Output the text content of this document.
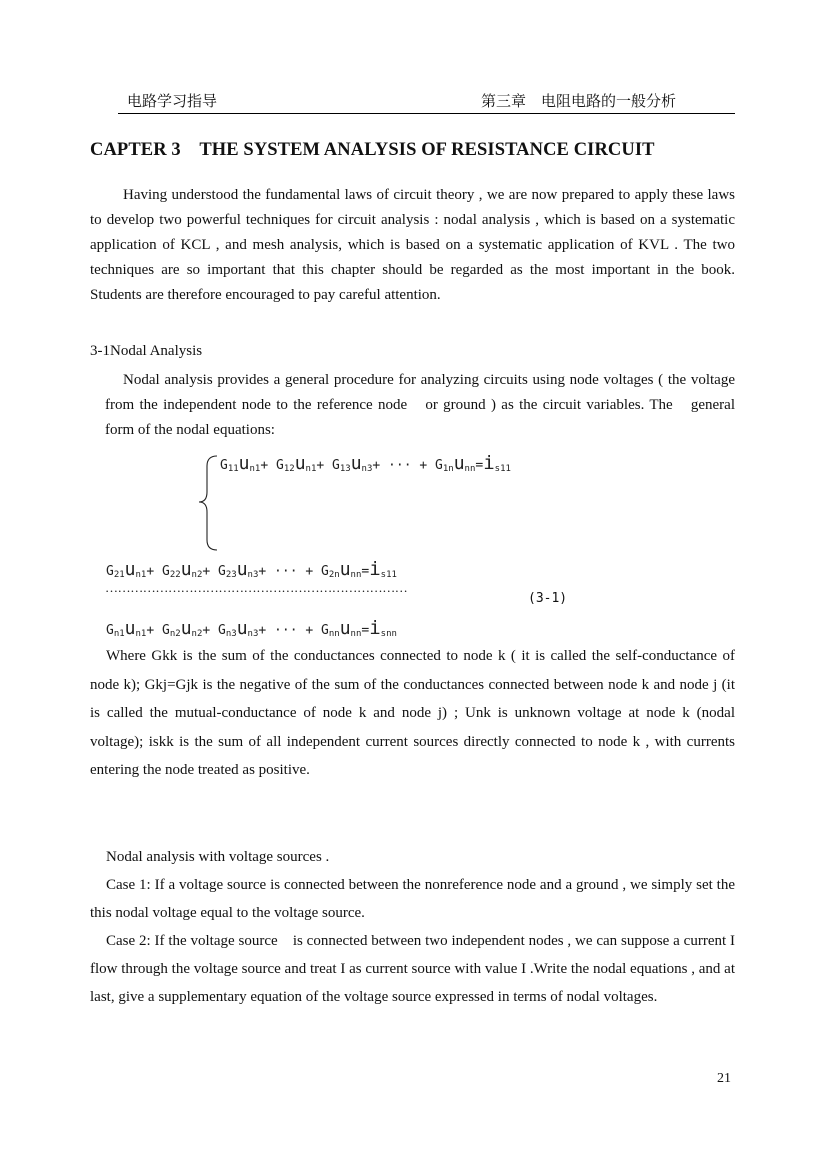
电路学习指导	第三章　电阻电路的一般分析
CAPTER 3　THE SYSTEM ANALYSIS OF RESISTANCE CIRCUIT

Having understood the fundamental laws of circuit theory , we are now prepared to apply these laws to develop two powerful techniques for circuit analysis : nodal analysis , which is based on a systematic application of KCL , and mesh analysis, which is based on a systematic application of KVL . The two techniques are so important that this chapter should be regarded as the most important in the book. Students are therefore encouraged to pay careful attention.

3-1Nodal Analysis

Nodal analysis provides a general procedure for analyzing circuits using node voltages ( the voltage from the independent node to the reference node　or ground ) as the circuit variables. The　general form of the nodal equations:

$G_{11}u_{n1}+ G_{12}u_{n1}+ G_{13}u_{n3}+$ ··· + $G_{1n}u_{nn}=i_{s11}$
$G_{21}u_{n1}+ G_{22}u_{n2}+ G_{23}u_{n3}+$ ··· + $G_{2n}u_{nn}=i_{s11}$
………………………………………………………………
(3-1)
$G_{n1}u_{n1}+ G_{n2}u_{n2}+ G_{n3}u_{n3}+$ ··· + $G_{nn}u_{nn}=i_{snn}$

Where Gkk is the sum of the conductances connected to node k ( it is called the self-conductance of node k); Gkj=Gjk is the negative of the sum of the conductances connected between node k and node j (it is called the mutual-conductance of node k and node j) ; Unk is unknown voltage at node k (nodal voltage); iskk is the sum of all independent current sources directly connected to node k , with currents entering the node treated as positive.

Nodal analysis with voltage sources .
Case 1: If a voltage source is connected between the nonreference node and a ground , we simply set the this nodal voltage equal to the voltage source.
Case 2: If the voltage source　is connected between two independent nodes , we can suppose a current I flow through the voltage source and treat I as current source with value I .Write the nodal equations , and at last, give a supplementary equation of the voltage source expressed in terms of nodal voltages.

21
